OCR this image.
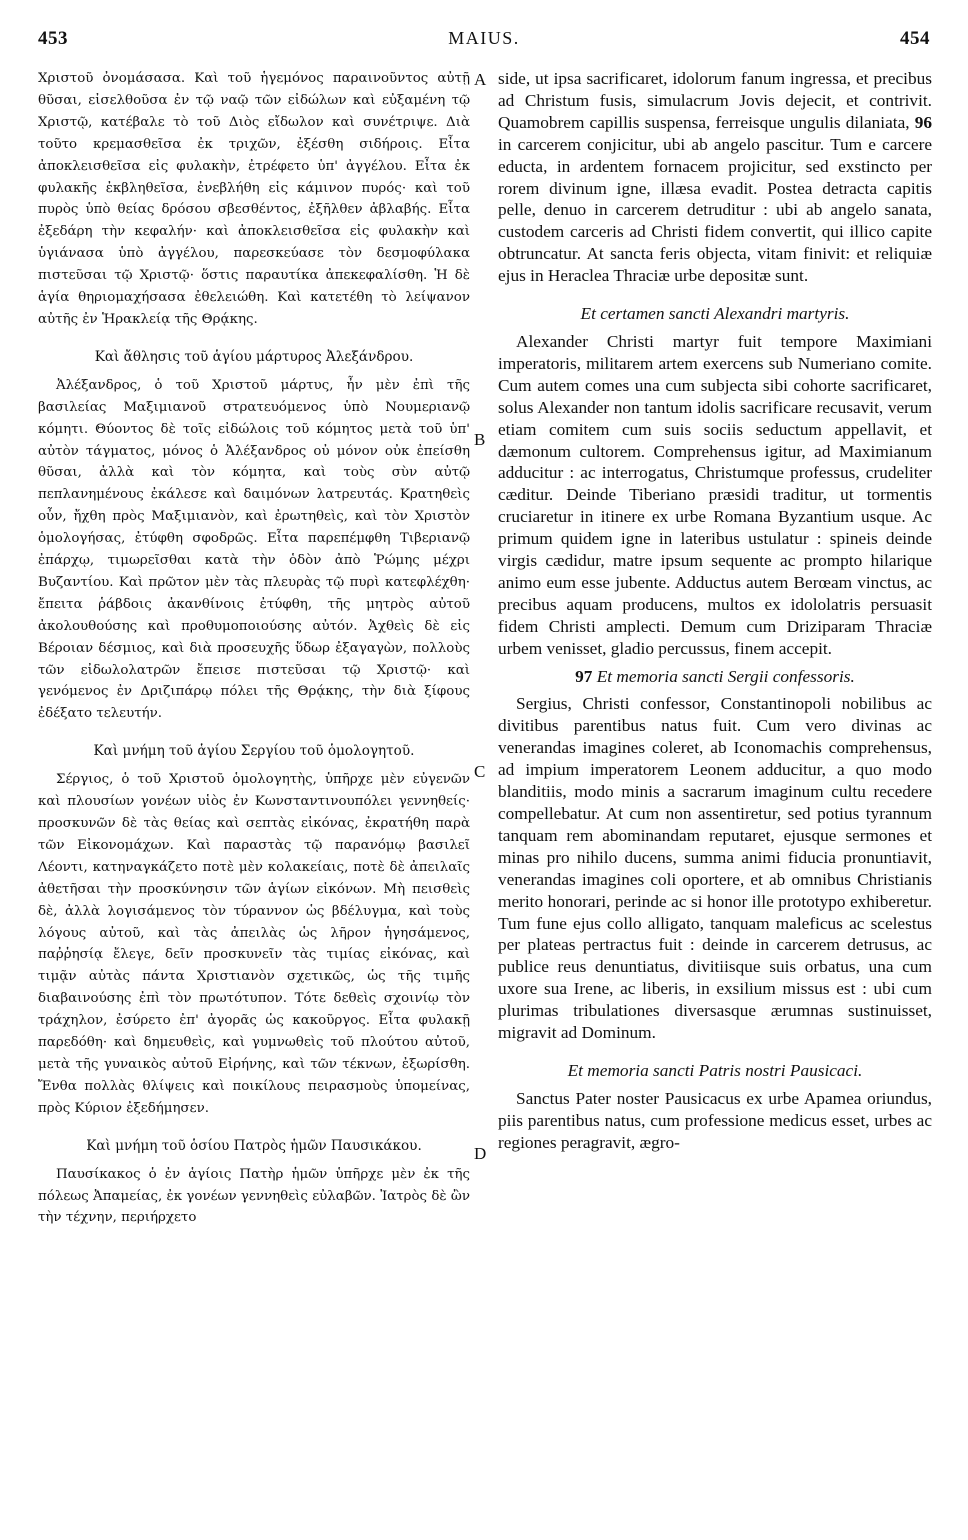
453	MAIUS.	454
A
B
C
D

Χριστοῦ ὀνομάσασα. Καὶ τοῦ ἡγεμόνος παραινοῦντος αὐτῇ θῦσαι, εἰσελθοῦσα ἐν τῷ ναῷ τῶν εἰδώλων καὶ εὐξαμένη τῷ Χριστῷ, κατέβαλε τὸ τοῦ Διὸς εἴδωλον καὶ συνέτριψε. Διὰ τοῦτο κρεμασθεῖσα ἐκ τριχῶν, ἐξέσθη σιδήροις. Εἶτα ἀποκλεισθεῖσα εἰς φυλακὴν, ἐτρέφετο ὑπ' ἀγγέλου. Εἶτα ἐκ φυλακῆς ἐκβληθεῖσα, ἐνεβλήθη εἰς κάμινον πυρός· καὶ τοῦ πυρὸς ὑπὸ θείας δρόσου σβεσθέντος, ἐξῆλθεν ἀβλαβής. Εἶτα ἐξεδάρη τὴν κεφαλήν· καὶ ἀποκλεισθεῖσα εἰς φυλακὴν καὶ ὑγιάνασα ὑπὸ ἀγγέλου, παρεσκεύασε τὸν δεσμοφύλακα πιστεῦσαι τῷ Χριστῷ· ὅστις παραυτίκα ἀπεκεφαλίσθη. Ἡ δὲ ἁγία θηριομαχήσασα ἐθελειώθη. Καὶ κατετέθη τὸ λείψανον αὐτῆς ἐν Ἡρακλείᾳ τῆς Θρᾴκης.

Καὶ ἄθλησις τοῦ ἁγίου μάρτυρος Ἀλεξάνδρου.

Ἀλέξανδρος, ὁ τοῦ Χριστοῦ μάρτυς, ἦν μὲν ἐπὶ τῆς βασιλείας Μαξιμιανοῦ στρατευόμενος ὑπὸ Νουμεριανῷ κόμητι. Θύοντος δὲ τοῖς εἰδώλοις τοῦ κόμητος μετὰ τοῦ ὑπ' αὐτὸν τάγματος, μόνος ὁ Ἀλέξανδρος οὐ μόνον οὐκ ἐπείσθη θῦσαι, ἀλλὰ καὶ τὸν κόμητα, καὶ τοὺς σὺν αὐτῷ πεπλανημένους ἐκάλεσε καὶ δαιμόνων λατρευτάς. Κρατηθεὶς οὖν, ἤχθη πρὸς Μαξιμιανὸν, καὶ ἐρωτηθεὶς, καὶ τὸν Χριστὸν ὁμολογήσας, ἐτύφθη σφοδρῶς. Εἶτα παρεπέμφθη Τιβεριανῷ ἐπάρχῳ, τιμωρεῖσθαι κατὰ τὴν ὁδὸν ἀπὸ Ῥώμης μέχρι Βυζαντίου. Καὶ πρῶτον μὲν τὰς πλευρὰς τῷ πυρὶ κατεφλέχθη· ἔπειτα ῥάβδοις ἀκανθίνοις ἐτύφθη, τῆς μητρὸς αὐτοῦ ἀκολουθούσης καὶ προθυμοποιούσης αὐτόν. Ἀχθεὶς δὲ εἰς Βέροιαν δέσμιος, καὶ διὰ προσευχῆς ὕδωρ ἐξαγαγὼν, πολλοὺς τῶν εἰδωλολατρῶν ἔπεισε πιστεῦσαι τῷ Χριστῷ· καὶ γενόμενος ἐν Δριζιπάρῳ πόλει τῆς Θρᾴκης, τὴν διὰ ξίφους ἐδέξατο τελευτήν.

Καὶ μνήμη τοῦ ἁγίου Σεργίου τοῦ ὁμολογητοῦ.

Σέργιος, ὁ τοῦ Χριστοῦ ὁμολογητὴς, ὑπῆρχε μὲν εὐγενῶν καὶ πλουσίων γονέων υἱὸς ἐν Κωνσταντινουπόλει γεννηθείς· προσκυνῶν δὲ τὰς θείας καὶ σεπτὰς εἰκόνας, ἐκρατήθη παρὰ τῶν Εἰκονομάχων. Καὶ παραστὰς τῷ παρανόμῳ βασιλεῖ Λέοντι, κατηναγκάζετο ποτὲ μὲν κολακείαις, ποτὲ δὲ ἀπειλαῖς ἀθετῆσαι τὴν προσκύνησιν τῶν ἁγίων εἰκόνων. Μὴ πεισθεὶς δὲ, ἀλλὰ λογισάμενος τὸν τύραννον ὡς βδέλυγμα, καὶ τοὺς λόγους αὐτοῦ, καὶ τὰς ἀπειλὰς ὡς λῆρον ἡγησάμενος, παῤῥησίᾳ ἔλεγε, δεῖν προσκυνεῖν τὰς τιμίας εἰκόνας, καὶ τιμᾷν αὐτὰς πάντα Χριστιανὸν σχετικῶς, ὡς τῆς τιμῆς διαβαινούσης ἐπὶ τὸν πρωτότυπον. Τότε δεθεὶς σχοινίῳ τὸν τράχηλον, ἐσύρετο ἐπ' ἀγορᾶς ὡς κακοῦργος. Εἶτα φυλακῇ παρεδόθη· καὶ δημευθεὶς, καὶ γυμνωθεὶς τοῦ πλούτου αὐτοῦ, μετὰ τῆς γυναικὸς αὐτοῦ Εἰρήνης, καὶ τῶν τέκνων, ἐξωρίσθη. Ἔνθα πολλὰς θλίψεις καὶ ποικίλους πειρασμοὺς ὑπομείνας, πρὸς Κύριον ἐξεδήμησεν.

Καὶ μνήμη τοῦ ὁσίου Πατρὸς ἡμῶν Παυσικάκου.

Παυσίκακος ὁ ἐν ἁγίοις Πατὴρ ἡμῶν ὑπῆρχε μὲν ἐκ τῆς πόλεως Ἀπαμείας, ἐκ γονέων γεννηθεὶς εὐλαβῶν. Ἰατρὸς δὲ ὢν τὴν τέχνην, περιήρχετο

side, ut ipsa sacrificaret, idolorum fanum ingressa, et precibus ad Christum fusis, simulacrum Jovis dejecit, et contrivit. Quamobrem capillis suspensa, ferreisque ungulis dilaniata, 96 in carcerem conjicitur, ubi ab angelo pascitur. Tum e carcere educta, in ardentem fornacem projicitur, sed exstincto per rorem divinum igne, illæsa evadit. Postea detracta capitis pelle, denuo in carcerem detruditur : ubi ab angelo sanata, custodem carceris ad Christi fidem convertit, qui illico capite obtruncatur. At sancta feris objecta, vitam finivit: et reliquiæ ejus in Heraclea Thraciæ urbe depositæ sunt.

Et certamen sancti Alexandri martyris.

Alexander Christi martyr fuit tempore Maximiani imperatoris, militarem artem exercens sub Numeriano comite. Cum autem comes una cum subjecta sibi cohorte sacrificaret, solus Alexander non tantum idolis sacrificare recusavit, verum etiam comitem cum suis sociis seductum appellavit, et dæmonum cultorem. Comprehensus igitur, ad Maximianum adducitur : ac interrogatus, Christumque professus, crudeliter cæditur. Deinde Tiberiano præsidi traditur, ut tormentis cruciaretur in itinere ex urbe Romana Byzantium usque. Ac primum quidem igne in lateribus ustulatur : spineis deinde virgis cædidur, matre ipsum sequente ac prompto hilarique animo eum esse jubente. Adductus autem Berœam vinctus, ac precibus aquam producens, multos ex idololatris persuasit fidem Christi amplecti. Demum cum Driziparam Thraciæ urbem venisset, gladio percussus, finem accepit.

97 Et memoria sancti Sergii confessoris.

Sergius, Christi confessor, Constantinopoli nobilibus ac divitibus parentibus natus fuit. Cum vero divinas ac venerandas imagines coleret, ab Iconomachis comprehensus, ad impium imperatorem Leonem adducitur, a quo modo blanditiis, modo minis a sacrarum imaginum cultu recedere compellebatur. At cum non assentiretur, sed potius tyrannum tanquam rem abominandam reputaret, ejusque sermones et minas pro nihilo ducens, summa animi fiducia pronuntiavit, venerandas imagines coli oportere, et ab omnibus Christianis merito honorari, perinde ac si honor ille prototypo exhiberetur. Tum fune ejus collo alligato, tanquam maleficus ac scelestus per plateas pertractus fuit : deinde in carcerem detrusus, ac publice reus denuntiatus, divitiisque suis orbatus, una cum uxore sua Irene, ac liberis, in exsilium missus est : ubi cum plurimas tribulationes diversasque ærumnas sustinuisset, migravit ad Dominum.

Et memoria sancti Patris nostri Pausicaci.

Sanctus Pater noster Pausicacus ex urbe Apamea oriundus, piis parentibus natus, cum professione medicus esset, urbes ac regiones peragravit, ægro-
